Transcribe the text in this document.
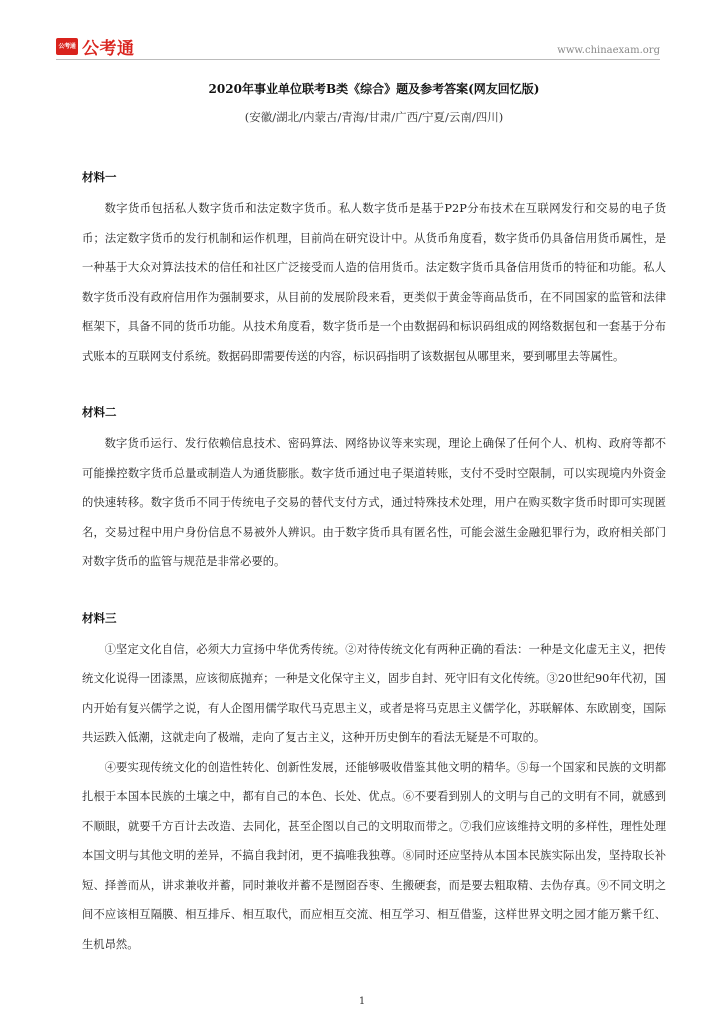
公考通 公考通	www.chinaexam.org

2020年事业单位联考B类《综合》题及参考答案(网友回忆版)

(安徽/湖北/内蒙古/青海/甘肃/广西/宁夏/云南/四川)

材料一

数字货币包括私人数字货币和法定数字货币。私人数字货币是基于P2P分布技术在互联网发行和交易的电子货币；法定数字货币的发行机制和运作机理，目前尚在研究设计中。从货币角度看，数字货币仍具备信用货币属性，是一种基于大众对算法技术的信任和社区广泛接受而人造的信用货币。法定数字货币具备信用货币的特征和功能。私人数字货币没有政府信用作为强制要求，从目前的发展阶段来看，更类似于黄金等商品货币，在不同国家的监管和法律框架下，具备不同的货币功能。从技术角度看，数字货币是一个由数据码和标识码组成的网络数据包和一套基于分布式账本的互联网支付系统。数据码即需要传送的内容，标识码指明了该数据包从哪里来，要到哪里去等属性。

材料二

数字货币运行、发行依赖信息技术、密码算法、网络协议等来实现，理论上确保了任何个人、机构、政府等都不可能操控数字货币总量或制造人为通货膨胀。数字货币通过电子渠道转账，支付不受时空限制，可以实现境内外资金的快速转移。数字货币不同于传统电子交易的替代支付方式，通过特殊技术处理，用户在购买数字货币时即可实现匿名，交易过程中用户身份信息不易被外人辨识。由于数字货币具有匿名性，可能会滋生金融犯罪行为，政府相关部门对数字货币的监管与规范是非常必要的。

材料三

①坚定文化自信，必须大力宣扬中华优秀传统。②对待传统文化有两种正确的看法：一种是文化虚无主义，把传统文化说得一团漆黑，应该彻底抛弃；一种是文化保守主义，固步自封、死守旧有文化传统。③20世纪90年代初，国内开始有复兴儒学之说，有人企图用儒学取代马克思主义，或者是将马克思主义儒学化，苏联解体、东欧剧变，国际共运跌入低潮，这就走向了极端，走向了复古主义，这种开历史倒车的看法无疑是不可取的。

④要实现传统文化的创造性转化、创新性发展，还能够吸收借鉴其他文明的精华。⑤每一个国家和民族的文明都扎根于本国本民族的土壤之中，都有自己的本色、长处、优点。⑥不要看到别人的文明与自己的文明有不同，就感到不顺眼，就要千方百计去改造、去同化，甚至企图以自己的文明取而带之。⑦我们应该维持文明的多样性，理性处理本国文明与其他文明的差异，不搞自我封闭，更不搞唯我独尊。⑧同时还应坚持从本国本民族实际出发，坚持取长补短、择善而从，讲求兼收并蓄，同时兼收并蓄不是囫囵吞枣、生搬硬套，而是要去粗取精、去伪存真。⑨不同文明之间不应该相互隔膜、相互排斥、相互取代，而应相互交流、相互学习、相互借鉴，这样世界文明之园才能万紫千红、生机昂然。

1
